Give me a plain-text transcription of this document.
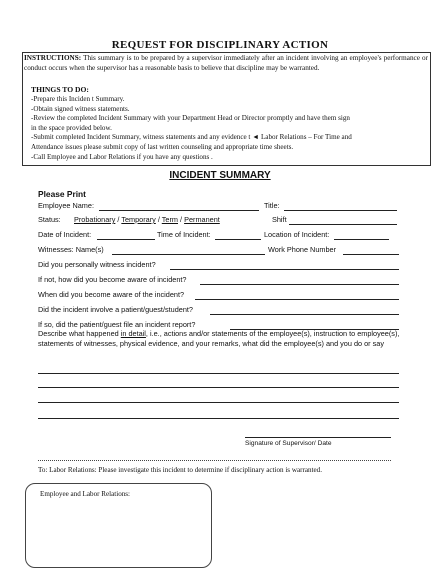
REQUEST FOR DISCIPLINARY ACTION
INSTRUCTIONS: This summary is to be prepared by a supervisor immediately after an incident involving an employee's performance or conduct occurs when the supervisor has a reasonable basis to believe that discipline may be warranted.
THINGS TO DO:
-Prepare this Inciden t Summary.
-Obtain signed witness statements.
-Review the completed Incident Summary with your Department Head or Director promptly and have them sign
in the space provided below.
-Submit completed Incident Summary, witness statements and any evidence t ◄ Labor Relations – For Time and
Attendance issues please submit copy of last written counseling and appropriate time sheets.
-Call Employee and Labor Relations if you have any questions .
INCIDENT SUMMARY
Please Print
Employee Name:	Title:
Status: Probationary / Temporary / Term / Permanent	Shift
Date of Incident:	Time of Incident:	Location of Incident:
Witnesses: Name(s)	Work Phone Number
Did you personally witness incident?
If not, how did you become aware of incident?
When did you become aware of the incident?
Did the incident involve a patient/guest/student?
If so, did the patient/guest file an incident report?
Describe what happened in detail, i.e., actions and/or statements of the employee(s), instruction to employee(s), statements of witnesses, physical evidence, and your remarks, what did the employee(s) and you do or say
Signature of Supervisor/ Date
To: Labor Relations: Please investigate this incident to determine if disciplinary action is warranted.
Employee and Labor Relations:
